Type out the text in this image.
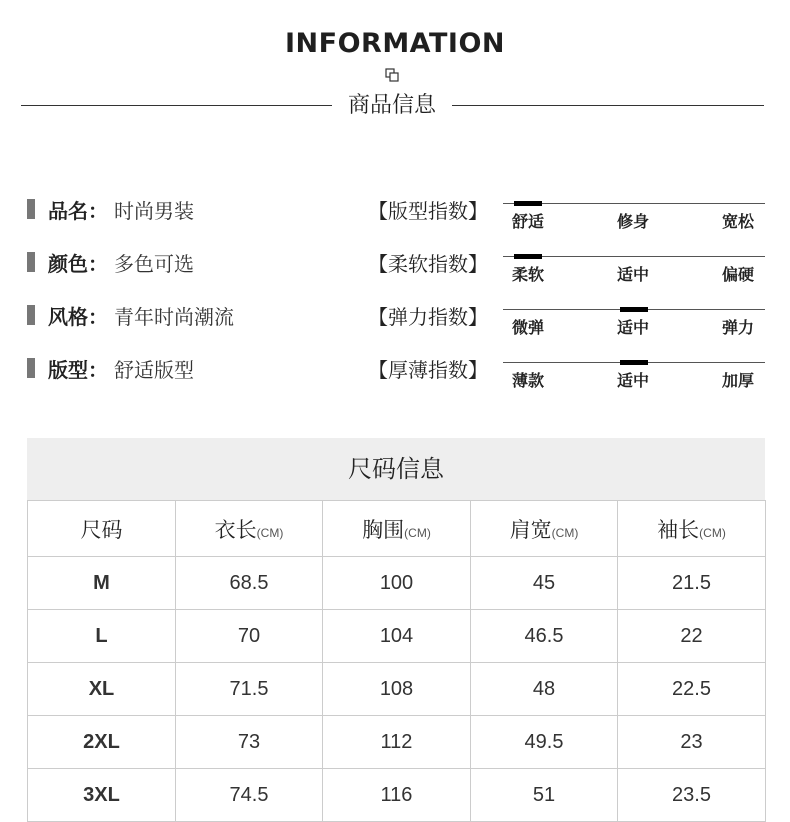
INFORMATION
商品信息
品名： 时尚男装	【版型指数】 舒适	修身	宽松
颜色： 多色可选	【柔软指数】 柔软	适中	偏硬
风格： 青年时尚潮流	【弹力指数】 微弹	适中	弹力
版型： 舒适版型	【厚薄指数】 薄款	适中	加厚
尺码信息
尺码	衣长(CM)	胸围(CM)	肩宽(CM)	袖长(CM)
M	68.5	100	45	21.5
L	70	104	46.5	22
XL	71.5	108	48	22.5
2XL	73	112	49.5	23
3XL	74.5	116	51	23.5
